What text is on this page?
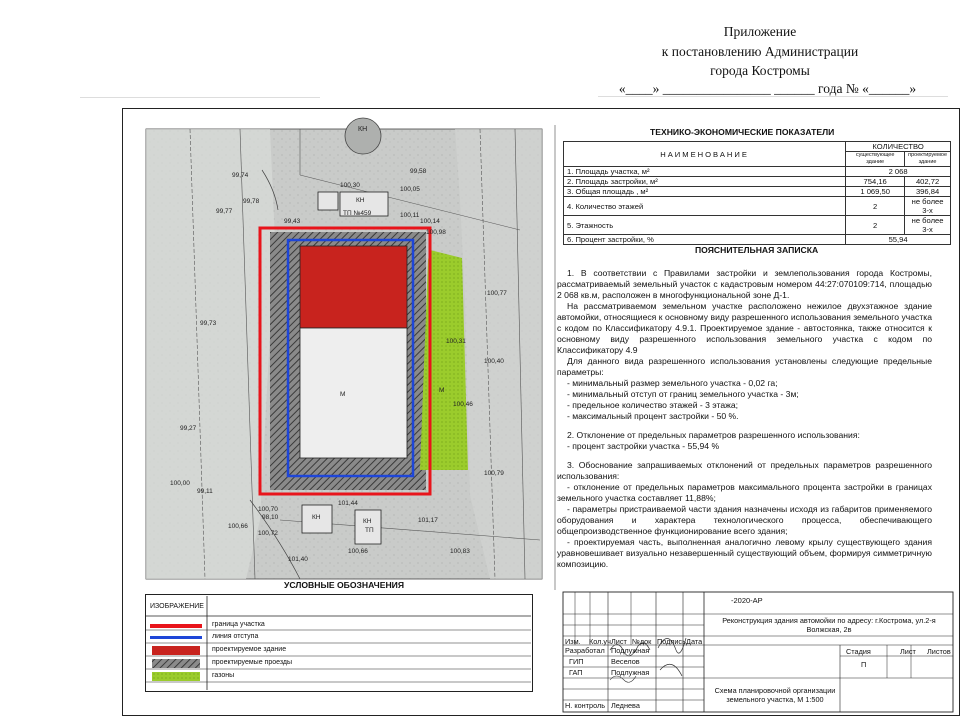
Приложение
к постановлению Администрации
города Костромы
«____» ________________ ______ года № «______»
КН
ТП №459
КН
М
М
КН
КН
ТП
100,05
99,73
99,27
100,00
99,11
100,70
98,10
100,72
100,66
100,98
100,77
100,14
100,31
100,46
100,83
101,17
99,58
100,30
100,11
99,43
101,44
100,66
101,40
99,77
99,78
99,74
100,40
100,79
ТЕХНИКО-ЭКОНОМИЧЕСКИЕ ПОКАЗАТЕЛИ
НАИМЕНОВАНИЕ	КОЛИЧЕСТВО	
	существующее здание	проектируемое здание
1. Площадь участка, м²	2 068	
2. Площадь застройки, м²	754,16	402,72
3. Общая площадь , м²	1 069,50	396,84
4. Количество этажей	2	не более 3-х
5. Этажность	2	не более 3-х
6. Процент застройки, %	55,94	
ПОЯСНИТЕЛЬНАЯ ЗАПИСКА

1. В соответствии с Правилами застройки и землепользования города Костромы, рассматриваемый земельный участок с кадастровым номером 44:27:070109:714, площадью 2 068 кв.м, расположен в многофункциональной зоне Д-1.

На рассматриваемом земельном участке расположено нежилое двухэтажное здание автомойки, относящиеся к основному виду разрешенного использования земельного участка с кодом по Классификатору 4.9.1. Проектируемое здание - автостоянка, также относится к основному виду разрешенного использования земельного участка с кодом по Классификатору 4.9

Для данного вида разрешенного использования установлены следующие предельные параметры:

- минимальный размер земельного участка - 0,02 га;

- минимальный отступ от границ земельного участка - 3м;

- предельное количество этажей - 3 этажа;

- максимальный процент застройки - 50 %.

2. Отклонение от предельных параметров разрешенного использования:

- процент застройки участка - 55,94 %

3. Обоснование запрашиваемых отклонений от предельных параметров разрешенного использования:

- отклонение от предельных параметров максимального процента застройки в границах земельного участка составляет 11,88%;

- параметры пристраиваемой части здания назначены исходя из габаритов применяемого оборудования и характера технологического процесса, обеспечивающего общепроизводственное функционирование всего здания;

- проектируемая часть, выполненная аналогично левому крылу существующего здания уравновешивает визуально незавершенный существующий объем, формируя симметричную композицию.

УСЛОВНЫЕ ОБОЗНАЧЕНИЯ
ИЗОБРАЖЕНИЕ
граница участка
линия отступа
проектируемое здание
проектируемые проезды
газоны
-2020-АР
Реконструкция здания автомойки по адресу: г.Кострома, ул.2-я Волжская, 2в
Изм. Кол.уч Лист №док Подпись Дата
Разработал Подлужная
ГИП	Веселов
ГАП	Подлужная
Н. контроль Леднева
Стадия	Лист Листов
П
Схема планировочной организации земельного участка, М 1:500
